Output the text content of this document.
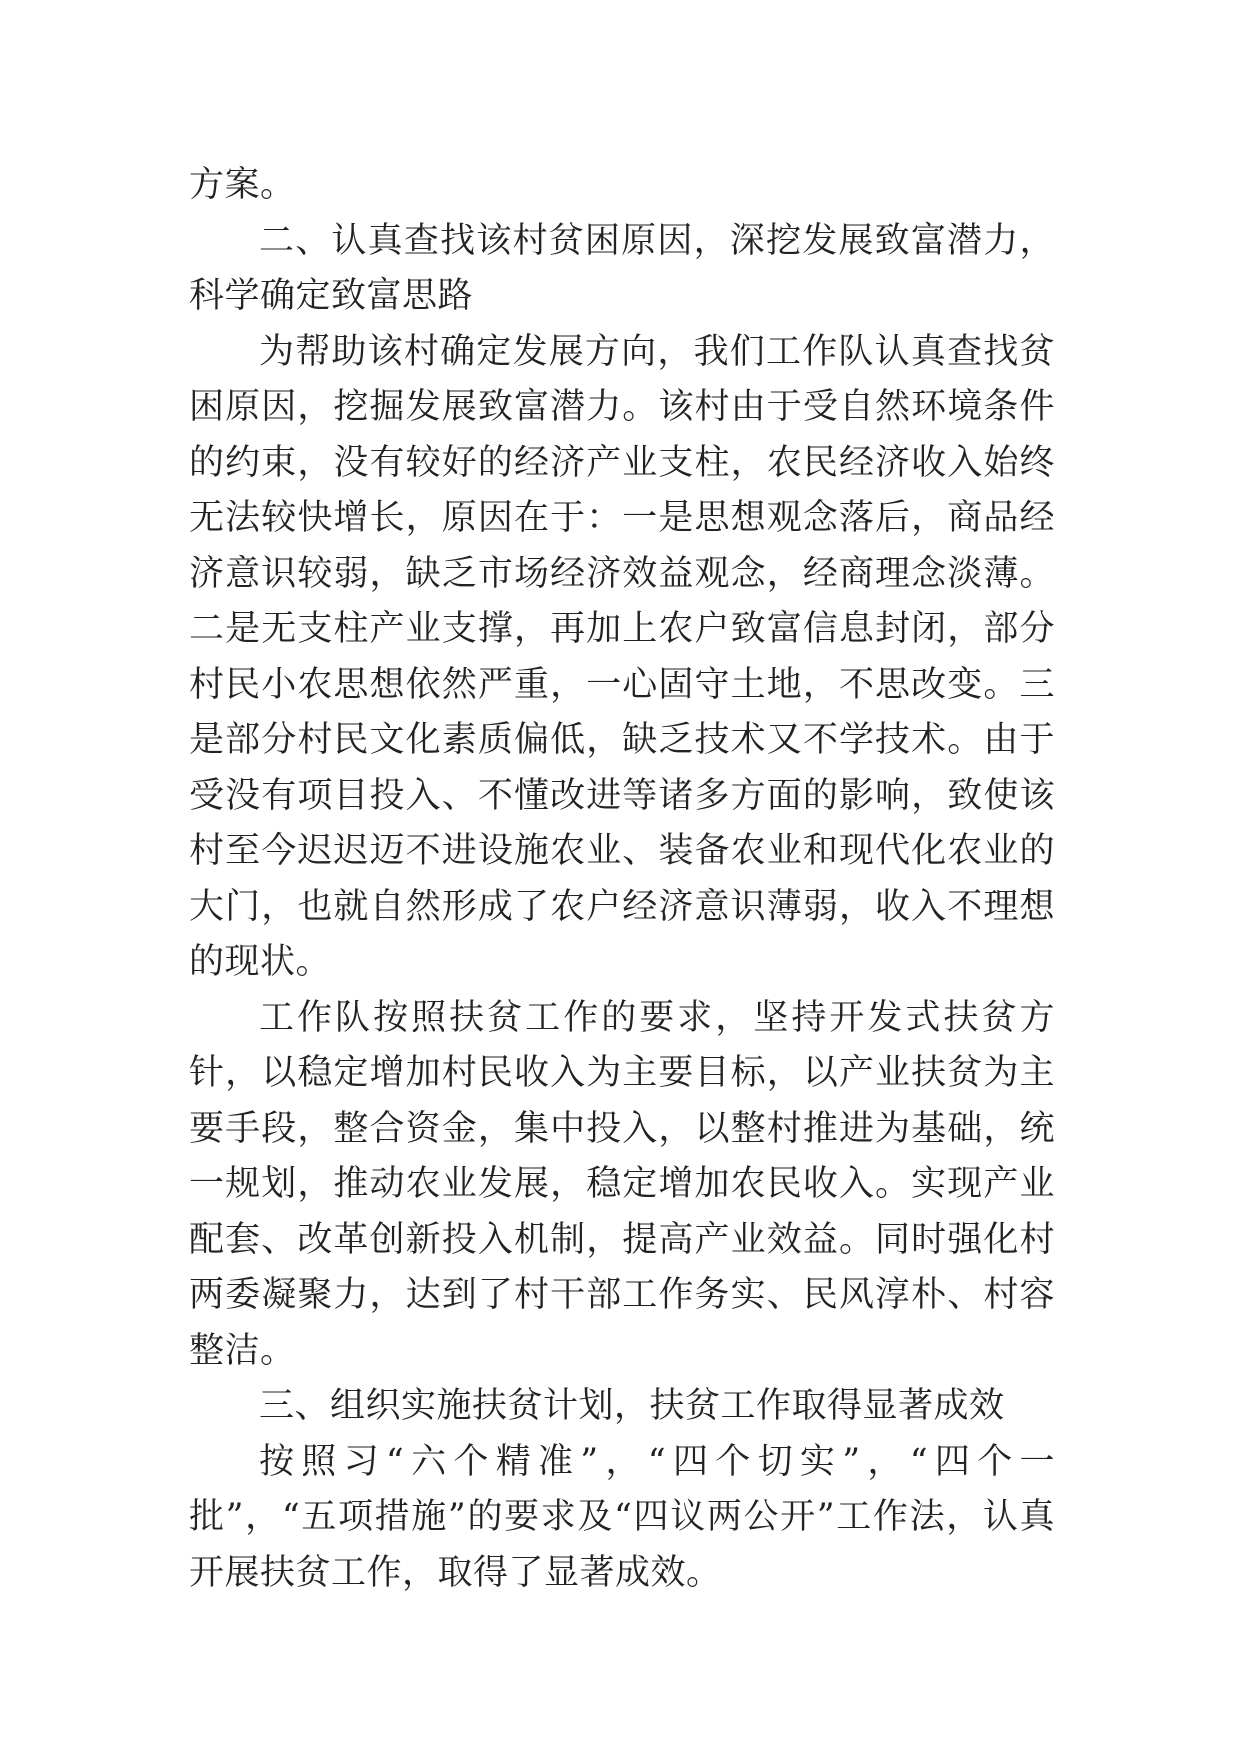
方案。

二、认真查找该村贫困原因，深挖发展致富潜力，科学确定致富思路

为帮助该村确定发展方向，我们工作队认真查找贫困原因，挖掘发展致富潜力。该村由于受自然环境条件的约束，没有较好的经济产业支柱，农民经济收入始终无法较快增长，原因在于：一是思想观念落后，商品经济意识较弱，缺乏市场经济效益观念，经商理念淡薄。二是无支柱产业支撑，再加上农户致富信息封闭，部分村民小农思想依然严重，一心固守土地，不思改变。三是部分村民文化素质偏低，缺乏技术又不学技术。由于受没有项目投入、不懂改进等诸多方面的影响，致使该村至今迟迟迈不进设施农业、装备农业和现代化农业的大门，也就自然形成了农户经济意识薄弱，收入不理想的现状。

工作队按照扶贫工作的要求，坚持开发式扶贫方针，以稳定增加村民收入为主要目标，以产业扶贫为主要手段，整合资金，集中投入，以整村推进为基础，统一规划，推动农业发展，稳定增加农民收入。实现产业配套、改革创新投入机制，提高产业效益。同时强化村两委凝聚力，达到了村干部工作务实、民风淳朴、村容整洁。

三、组织实施扶贫计划，扶贫工作取得显著成效

按照习“六个精准”，“四个切实”，“四个一批”，“五项措施”的要求及“四议两公开”工作法，认真开展扶贫工作，取得了显著成效。
